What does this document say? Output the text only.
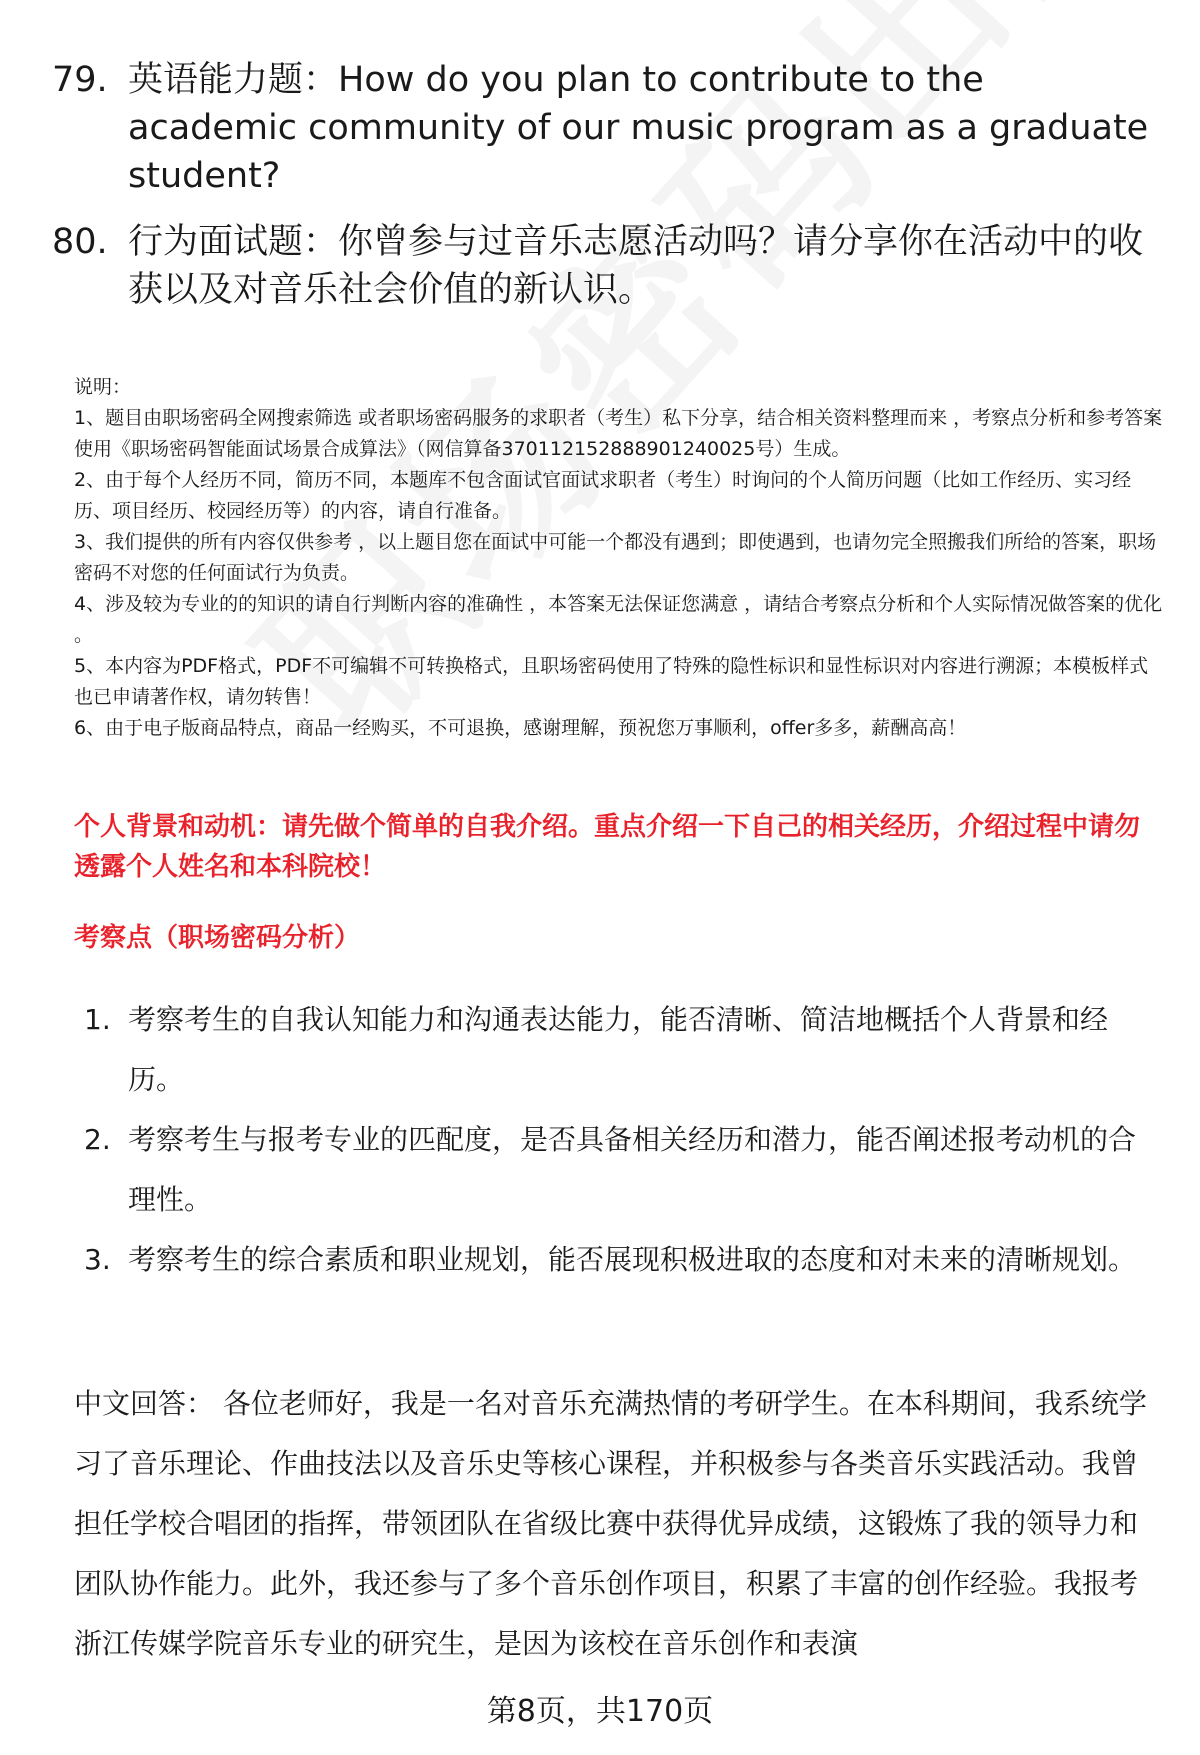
79. 英语能力题：How do you plan to contribute to the academic community of our music program as a graduate student?
80. 行为面试题：你曾参与过音乐志愿活动吗？请分享你在活动中的收获以及对音乐社会价值的新认识。
说明：
1、题目由职场密码全网搜索筛选 或者职场密码服务的求职者（考生）私下分享，结合相关资料整理而来 ，考察点分析和参考答案使用《职场密码智能面试场景合成算法》（网信算备370112152888901240025号）生成。
2、由于每个人经历不同，简历不同，本题库不包含面试官面试求职者（考生）时询问的个人简历问题（比如工作经历、实习经历、项目经历、校园经历等）的内容，请自行准备。
3、我们提供的所有内容仅供参考 ，以上题目您在面试中可能一个都没有遇到；即使遇到，也请勿完全照搬我们所给的答案，职场密码不对您的任何面试行为负责。
4、涉及较为专业的的知识的请自行判断内容的准确性 ，本答案无法保证您满意 ，请结合考察点分析和个人实际情况做答案的优化 。
5、本内容为PDF格式，PDF不可编辑不可转换格式，且职场密码使用了特殊的隐性标识和显性标识对内容进行溯源；本模板样式也已申请著作权，请勿转售！
6、由于电子版商品特点，商品一经购买，不可退换，感谢理解，预祝您万事顺利，offer多多，薪酬高高！
个人背景和动机：请先做个简单的自我介绍。重点介绍一下自己的相关经历，介绍过程中请勿透露个人姓名和本科院校！
考察点（职场密码分析）
1. 考察考生的自我认知能力和沟通表达能力，能否清晰、简洁地概括个人背景和经历。
2. 考察考生与报考专业的匹配度，是否具备相关经历和潜力，能否阐述报考动机的合理性。
3. 考察考生的综合素质和职业规划，能否展现积极进取的态度和对未来的清晰规划。
中文回答： 各位老师好，我是一名对音乐充满热情的考研学生。在本科期间，我系统学习了音乐理论、作曲技法以及音乐史等核心课程，并积极参与各类音乐实践活动。我曾担任学校合唱团的指挥，带领团队在省级比赛中获得优异成绩，这锻炼了我的领导力和团队协作能力。此外，我还参与了多个音乐创作项目，积累了丰富的创作经验。我报考浙江传媒学院音乐专业的研究生，是因为该校在音乐创作和表演
第8页，共170页
